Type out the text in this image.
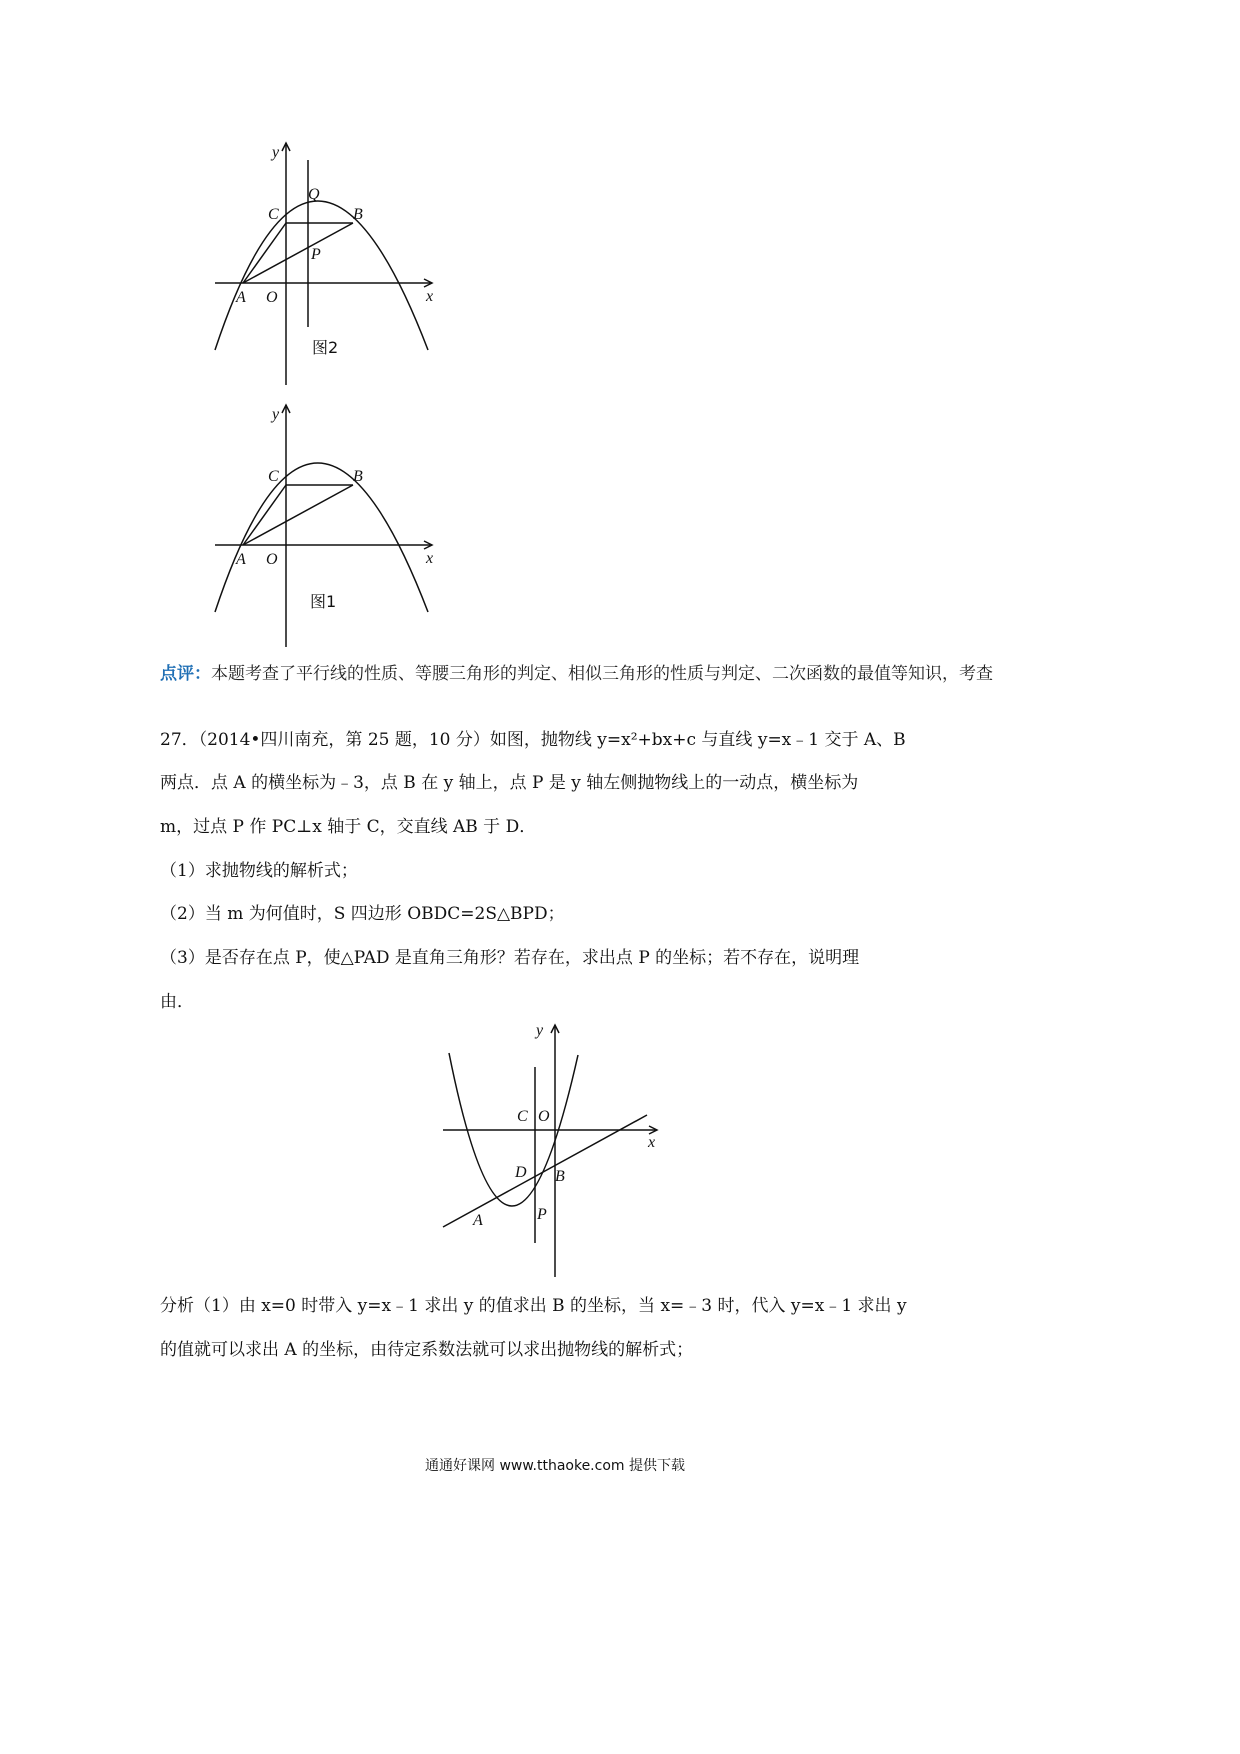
y
x
Q
C	B
P
A O
图2
y
x
C	B
A O
图1
点评：本题考查了平行线的性质、等腰三角形的判定、相似三角形的性质与判定、二次函数的最值等知识，考查
27．（2014•四川南充，第 25 题，10 分）如图，抛物线 y=x²+bx+c 与直线 y=x﹣1 交于 A、B
两点．点 A 的横坐标为﹣3，点 B 在 y 轴上，点 P 是 y 轴左侧抛物线上的一动点，横坐标为
m，过点 P 作 PC⊥x 轴于 C，交直线 AB 于 D．
（1）求抛物线的解析式；
（2）当 m 为何值时，S 四边形 OBDC=2S△BPD；
（3）是否存在点 P，使△PAD 是直角三角形？若存在，求出点 P 的坐标；若不存在，说明理
由．
y
x
C O
D B
A	P
分析（1）由 x=0 时带入 y=x﹣1 求出 y 的值求出 B 的坐标，当 x=﹣3 时，代入 y=x﹣1 求出 y
的值就可以求出 A 的坐标，由待定系数法就可以求出抛物线的解析式；
通通好课网 www.tthaoke.com 提供下载
